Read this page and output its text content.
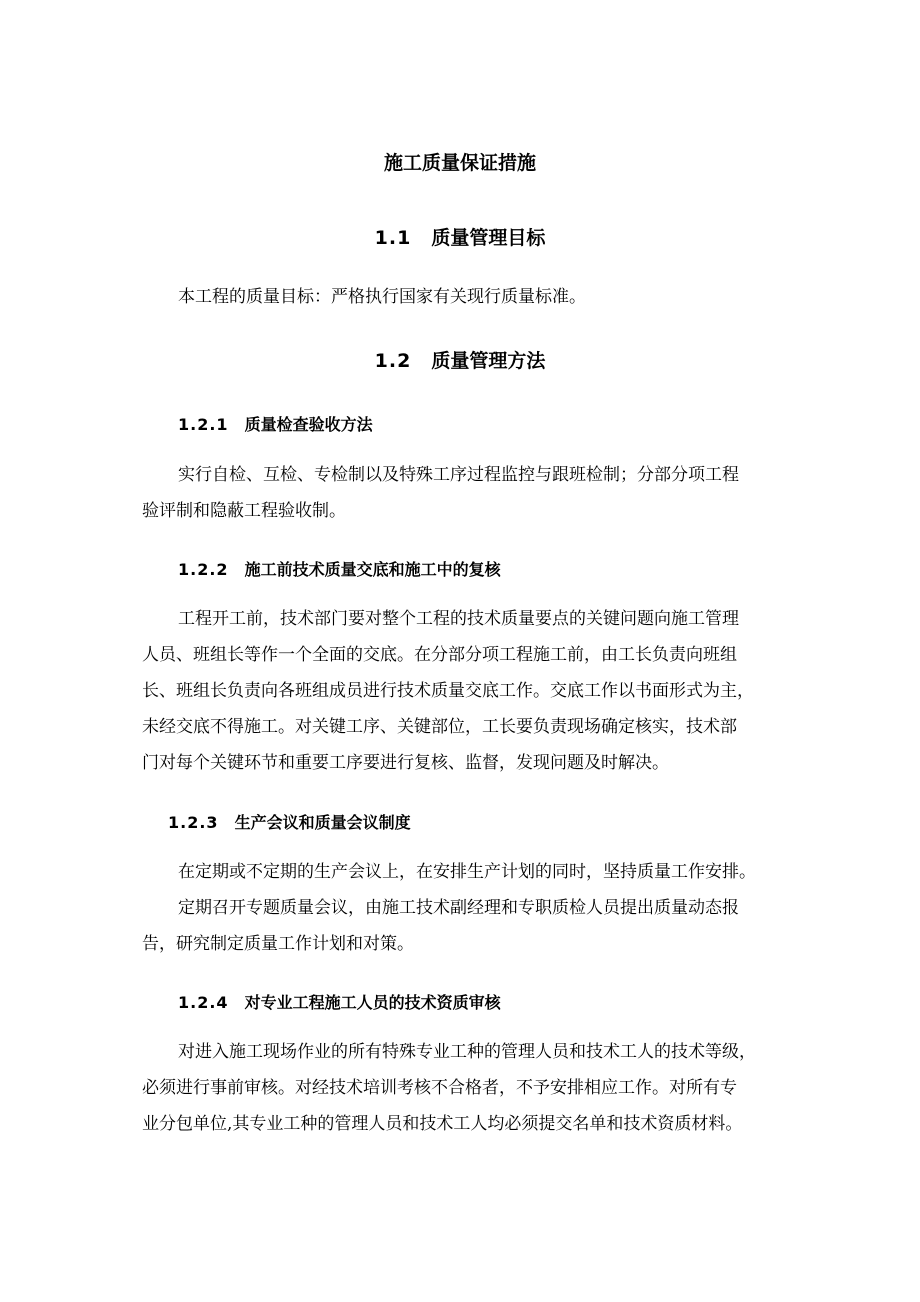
施工质量保证措施
1.1 质量管理目标
本工程的质量目标：严格执行国家有关现行质量标准。
1.2 质量管理方法
1.2.1 质量检查验收方法
实行自检、互检、专检制以及特殊工序过程监控与跟班检制；分部分项工程
验评制和隐蔽工程验收制。
1.2.2 施工前技术质量交底和施工中的复核
工程开工前，技术部门要对整个工程的技术质量要点的关键问题向施工管理
人员、班组长等作一个全面的交底。在分部分项工程施工前，由工长负责向班组
长、班组长负责向各班组成员进行技术质量交底工作。交底工作以书面形式为主，
未经交底不得施工。对关键工序、关键部位，工长要负责现场确定核实，技术部
门对每个关键环节和重要工序要进行复核、监督，发现问题及时解决。
1.2.3 生产会议和质量会议制度
在定期或不定期的生产会议上，在安排生产计划的同时，坚持质量工作安排。
定期召开专题质量会议，由施工技术副经理和专职质检人员提出质量动态报
告，研究制定质量工作计划和对策。
1.2.4 对专业工程施工人员的技术资质审核
对进入施工现场作业的所有特殊专业工种的管理人员和技术工人的技术等级，
必须进行事前审核。对经技术培训考核不合格者，不予安排相应工作。对所有专
业分包单位,其专业工种的管理人员和技术工人均必须提交名单和技术资质材料。
